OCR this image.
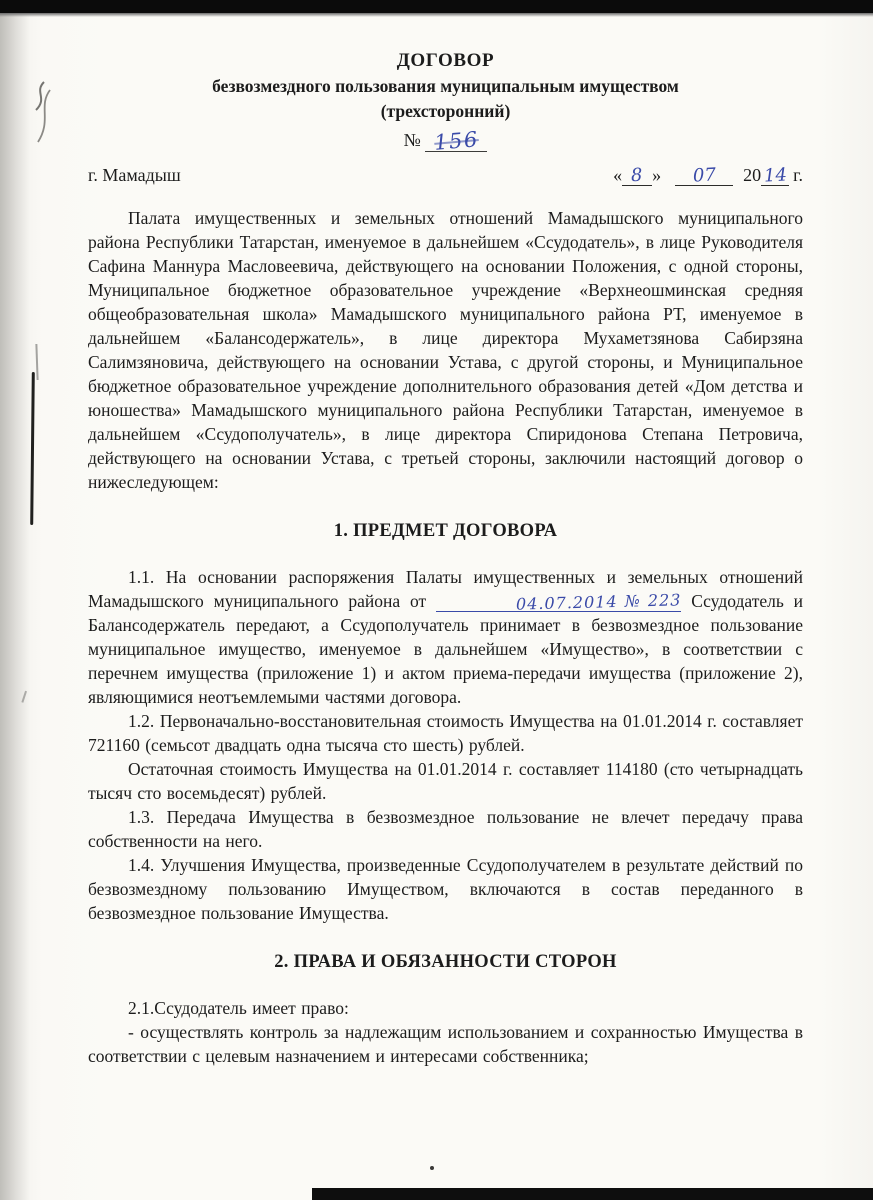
ДОГОВОР
безвозмездного пользования муниципальным имуществом
(трехсторонний)
№ 156
г. Мамадыш	« 8 » 07 20 14 г.

Палата имущественных и земельных отношений Мамадышского муниципального района Республики Татарстан, именуемое в дальнейшем «Ссудодатель», в лице Руководителя Сафина Маннура Масловеевича, действующего на основании Положения, с одной стороны, Муниципальное бюджетное образовательное учреждение «Верхнеошминская средняя общеобразовательная школа» Мамадышского муниципального района РТ, именуемое в дальнейшем «Балансодержатель», в лице директора Мухаметзянова Сабирзяна Салимзяновича, действующего на основании Устава, с другой стороны, и Муниципальное бюджетное образовательное учреждение дополнительного образования детей «Дом детства и юношества» Мамадышского муниципального района Республики Татарстан, именуемое в дальнейшем «Ссудополучатель», в лице директора Спиридонова Степана Петровича, действующего на основании Устава, с третьей стороны, заключили настоящий договор о нижеследующем:

1. ПРЕДМЕТ ДОГОВОРА

1.1. На основании распоряжения Палаты имущественных и земельных отношений Мамадышского муниципального района от	04.07.2014 № 223 Ссудодатель и Балансодержатель передают, а Ссудополучатель принимает в безвозмездное пользование муниципальное имущество, именуемое в дальнейшем «Имущество», в соответствии с перечнем имущества (приложение 1) и актом приема-передачи имущества (приложение 2), являющимися неотъемлемыми частями договора.

1.2. Первоначально-восстановительная стоимость Имущества на 01.01.2014 г. составляет 721160 (семьсот двадцать одна тысяча сто шесть) рублей.

Остаточная стоимость Имущества на 01.01.2014 г. составляет 114180 (сто четырнадцать тысяч сто восемьдесят) рублей.

1.3. Передача Имущества в безвозмездное пользование не влечет передачу права собственности на него.

1.4. Улучшения Имущества, произведенные Ссудополучателем в результате действий по безвозмездному пользованию Имуществом, включаются в состав переданного в безвозмездное пользование Имущества.

2. ПРАВА И ОБЯЗАННОСТИ СТОРОН

2.1.Ссудодатель имеет право:

- осуществлять контроль за надлежащим использованием и сохранностью Имущества в соответствии с целевым назначением и интересами собственника;
